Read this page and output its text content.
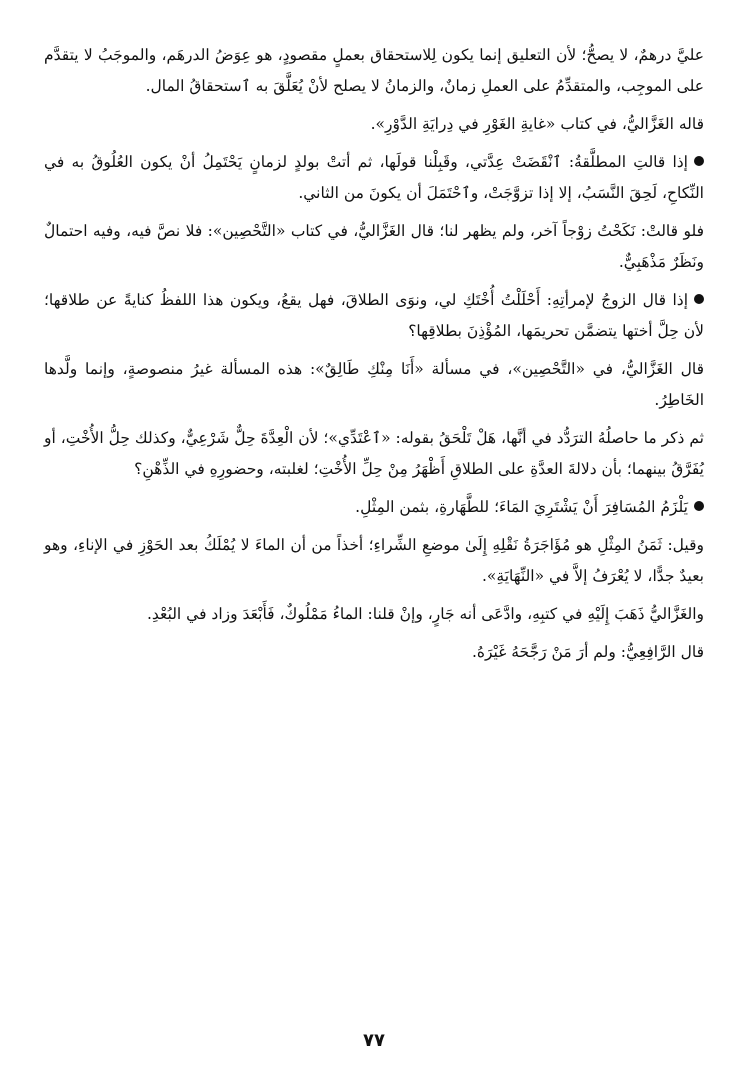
عليَّ درهمٌ، لا يصحُّ؛ لأن التعليق إنما يكون لِلاستحقاق بعملٍ مقصودٍ، هو عِوَضُ الدرهَم، والموجَبُ لا يتقدَّم على الموجِب، والمتقدِّمُ على العملِ زمانٌ، والزمانُ لا يصلح لأنْ يُعَلَّقَ به ٱستحقاقُ المال.

قاله الغَزَّاليُّ، في كتاب «غايةِ الغَوْرِ في دِرايَةِ الدَّوْرِ».

إذا قالتِ المطلَّقةُ: ٱنْقَضَتْ عِدَّتي، وقَبِلْنا قولَها، ثم أتتْ بولدٍ لزمانٍ يَحْتَمِلُ أنْ يكون العُلُوقُ به في النِّكاحِ، لَحِقَ النَّسَبُ، إلا إذا تزوَّجَتْ، وٱحْتَمَلَ أن يكونَ من الثاني.

فلو قالتْ: نَكَحْتُ زوْجاً آخر، ولم يظهر لنا؛ قال الغَزَّاليُّ، في كتاب «التَّحْصِين»: فلا نصَّ فيه، وفيه احتمالٌ ونَظَرٌ مَذْهَبِيٌّ.

إذا قال الزوجُ لإمرأتِهِ: أَحْلَلْتُ أُخْتَكِ لي، ونوَى الطلاقَ، فهل يقعُ، ويكون هذا اللفظُ كنايةً عن طلاقها؛ لأن حِلَّ أختها يتضمَّن تحريمَها، المُؤْذِنَ بطلاقِها؟

قال الغَزَّاليُّ، في «التَّحْصِين»، في مسألة «أَنَا مِنْكِ طَالِقٌ»: هذه المسألة غيرُ منصوصةٍ، وإنما ولَّدها الخَاطِرُ.

ثم ذكر ما حاصلُهُ الترَدُّد في أنَّها، هَلْ تَلْحَقُ بقوله: «ٱعْتَدِّي»؛ لأن الْعِدَّةَ حِلٌّ شَرْعِيٌّ، وكذلك حِلُّ الأُخْتِ، أو يُفَرَّقُ بينهما؛ بأن دلالةَ العدَّةِ على الطلاقِ أَظْهَرُ مِنْ حِلِّ الأُخْتِ؛ لغلبته، وحضورِهِ في الذِّهْنِ؟

يَلْزَمُ المُسَافِرَ أَنْ يَشْتَرِيَ المَاءَ؛ للطَّهَارةِ، بثمن المِثْلِ.

وقيل: ثَمَنُ المِثْلِ هو مُؤَاجَرَةُ نَقْلِهِ إِلَىٰ موضعِ الشِّراءِ؛ أخذاً من أن الماءَ لا يُمْلَكُ بعد الحَوْزِ في الإناءِ، وهو بعيدٌ جدًّا، لا يُعْرَفُ إلاَّ في «النِّهَايَةِ».

والغَزَّاليُّ ذَهَبَ إِلَيْهِ في كتبِهِ، وادَّعَى أنه جَارٍ، وإنْ قلنا: الماءُ مَمْلُوكٌ، فَأَبْعَدَ وزاد في البُعْدِ.

قال الرَّافِعِيُّ: ولم أرَ مَنْ رَجَّحَهُ غَيْرَهُ.

٧٧
